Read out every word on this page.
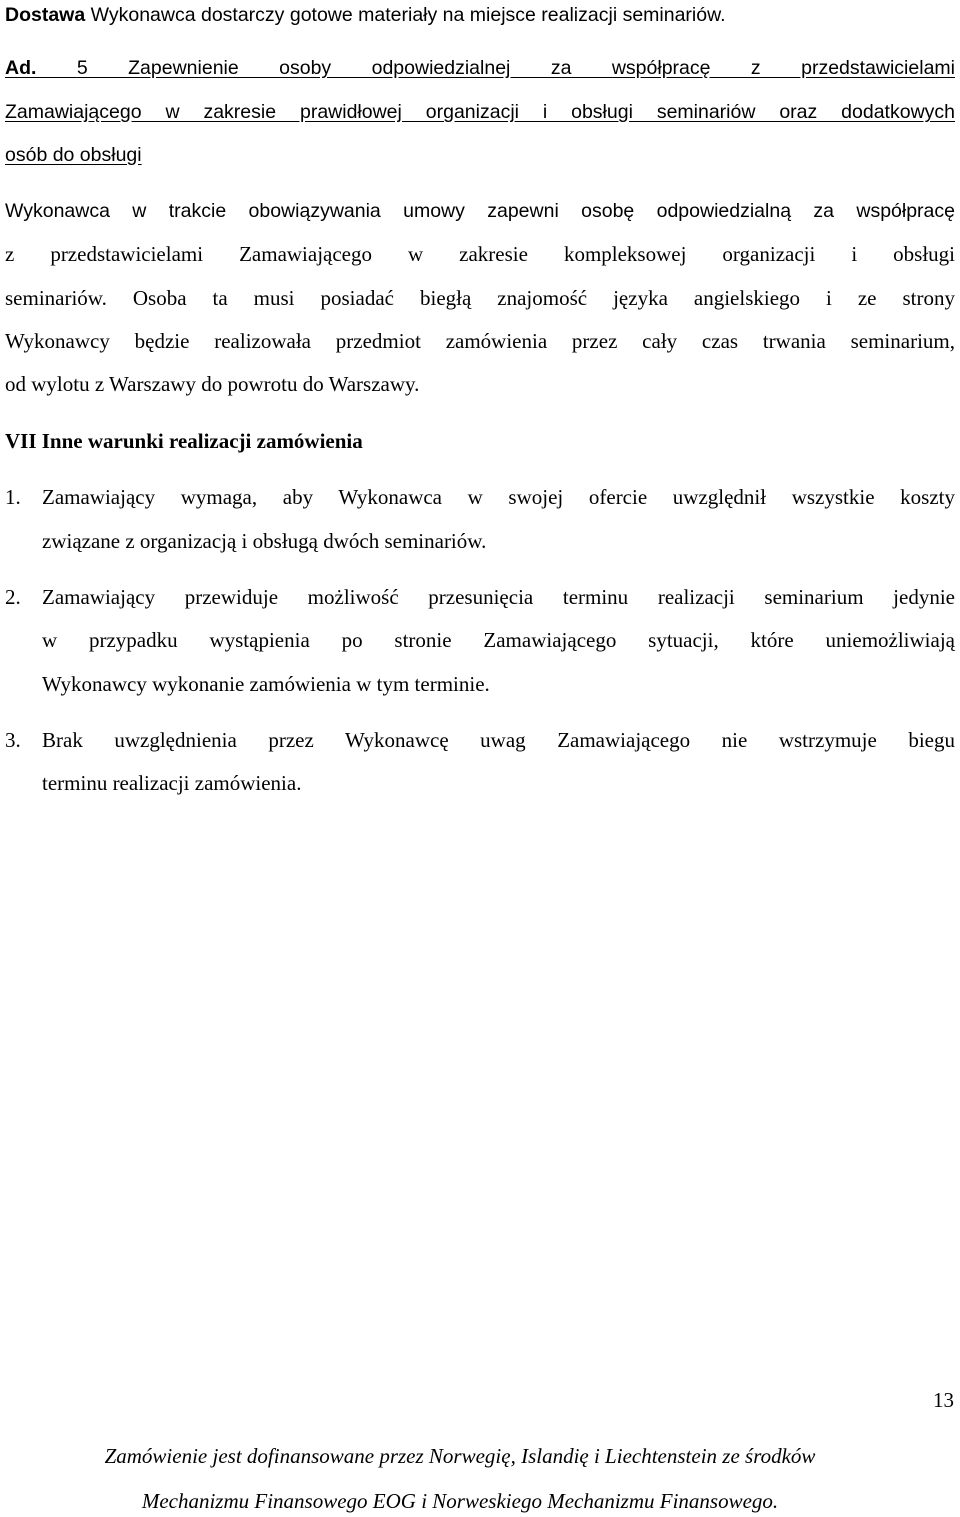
Dostawa Wykonawca dostarczy gotowe materiały na miejsce realizacji seminariów.
Ad. 5 Zapewnienie osoby odpowiedzialnej za współpracę z przedstawicielami
Zamawiającego w zakresie prawidłowej organizacji i obsługi seminariów oraz dodatkowych
osób do obsługi
Wykonawca w trakcie obowiązywania umowy zapewni osobę odpowiedzialną za współpracę
z przedstawicielami Zamawiającego w zakresie kompleksowej organizacji i obsługi
seminariów. Osoba ta musi posiadać biegłą znajomość języka angielskiego i ze strony
Wykonawcy będzie realizowała przedmiot zamówienia przez cały czas trwania seminarium,
od wylotu z Warszawy do powrotu do Warszawy.
VII Inne warunki realizacji zamówienia
1.	Zamawiający wymaga, aby Wykonawca w swojej ofercie uwzględnił wszystkie koszty
związane z organizacją i obsługą dwóch seminariów.
2.	Zamawiający przewiduje możliwość przesunięcia terminu realizacji seminarium jedynie
w przypadku wystąpienia po stronie Zamawiającego sytuacji, które uniemożliwiają
Wykonawcy wykonanie zamówienia w tym terminie.
3.	Brak uwzględnienia przez Wykonawcę uwag Zamawiającego nie wstrzymuje biegu
terminu realizacji zamówienia.
13
Zamówienie jest dofinansowane przez Norwegię, Islandię i Liechtenstein ze środków
Mechanizmu Finansowego EOG i Norweskiego Mechanizmu Finansowego.
